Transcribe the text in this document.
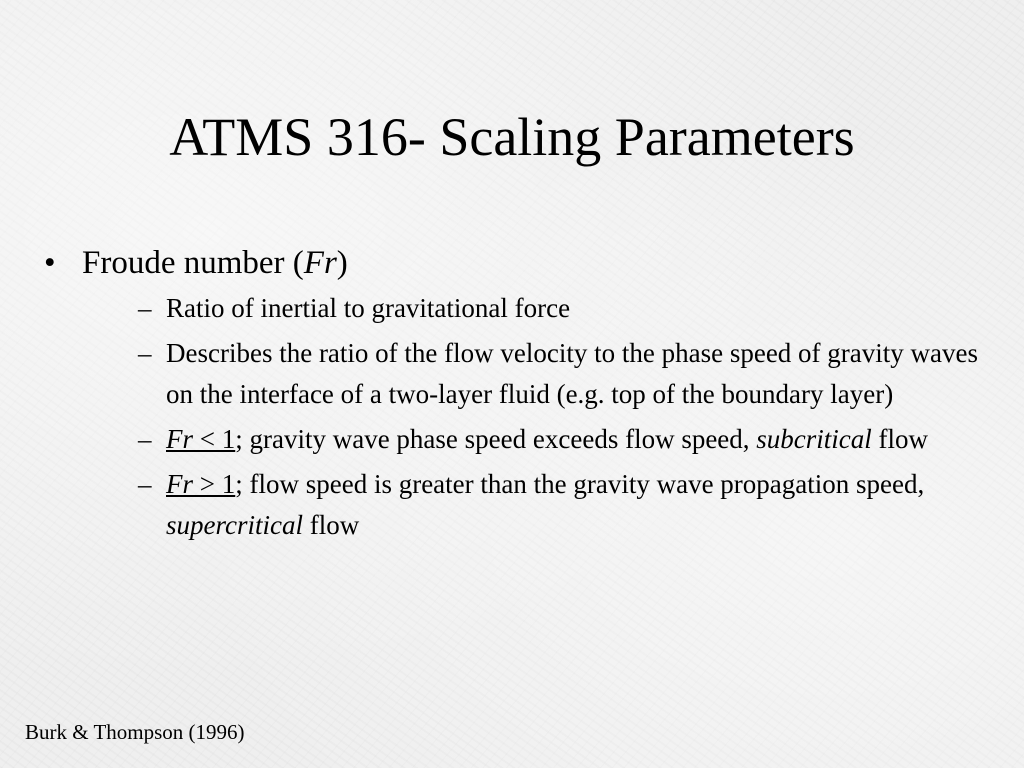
ATMS 316- Scaling Parameters
• Froude number (Fr)
– Ratio of inertial to gravitational force
– Describes the ratio of the flow velocity to the phase speed of gravity waves on the interface of a two-layer fluid (e.g. top of the boundary layer)
– Fr < 1; gravity wave phase speed exceeds flow speed, subcritical flow
– Fr > 1; flow speed is greater than the gravity wave propagation speed, supercritical flow
Burk & Thompson (1996)
